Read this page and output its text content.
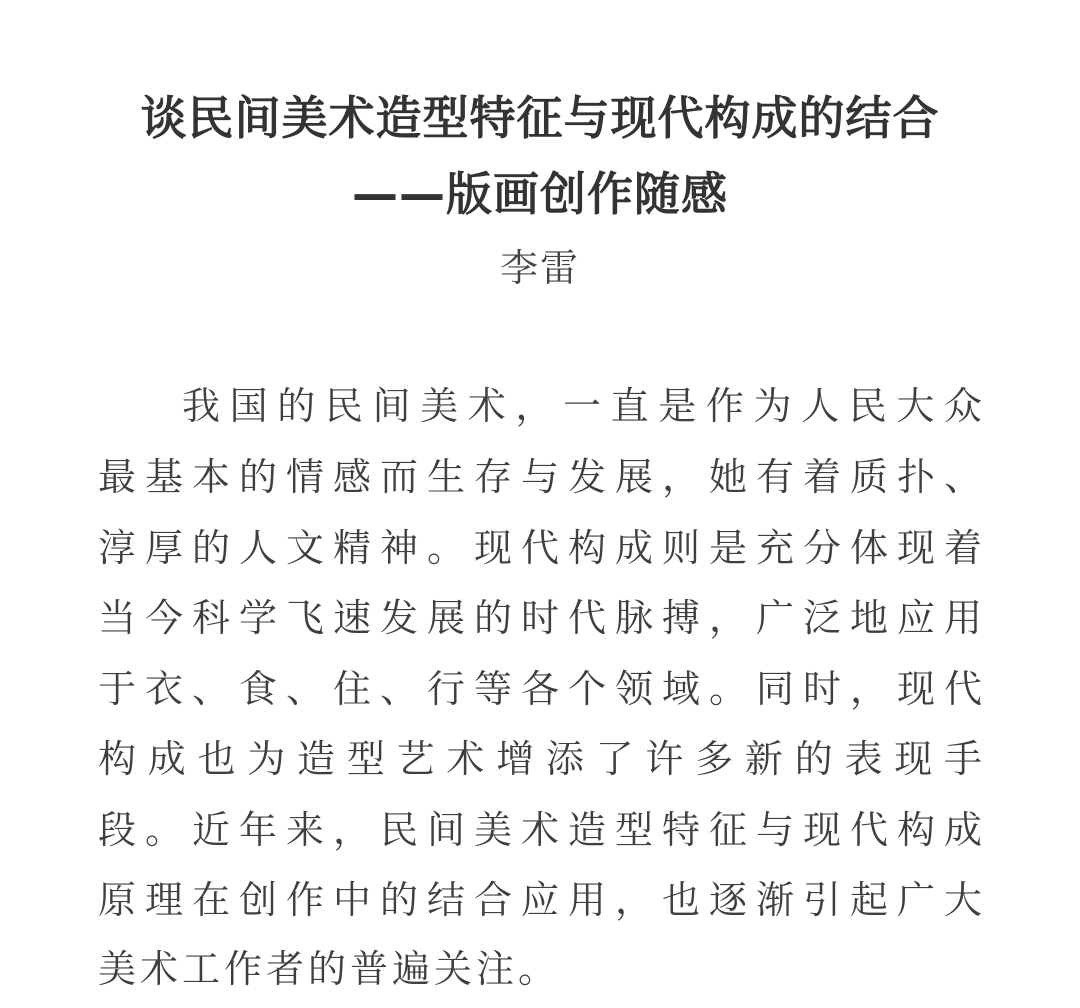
谈民间美术造型特征与现代构成的结合
——版画创作随感
李雷
我国的民间美术，一直是作为人民大众
最基本的情感而生存与发展，她有着质扑、
淳厚的人文精神。现代构成则是充分体现着
当今科学飞速发展的时代脉搏，广泛地应用
于衣、食、住、行等各个领域。同时，现代
构成也为造型艺术增添了许多新的表现手
段。近年来，民间美术造型特征与现代构成
原理在创作中的结合应用，也逐渐引起广大
美术工作者的普遍关注。
